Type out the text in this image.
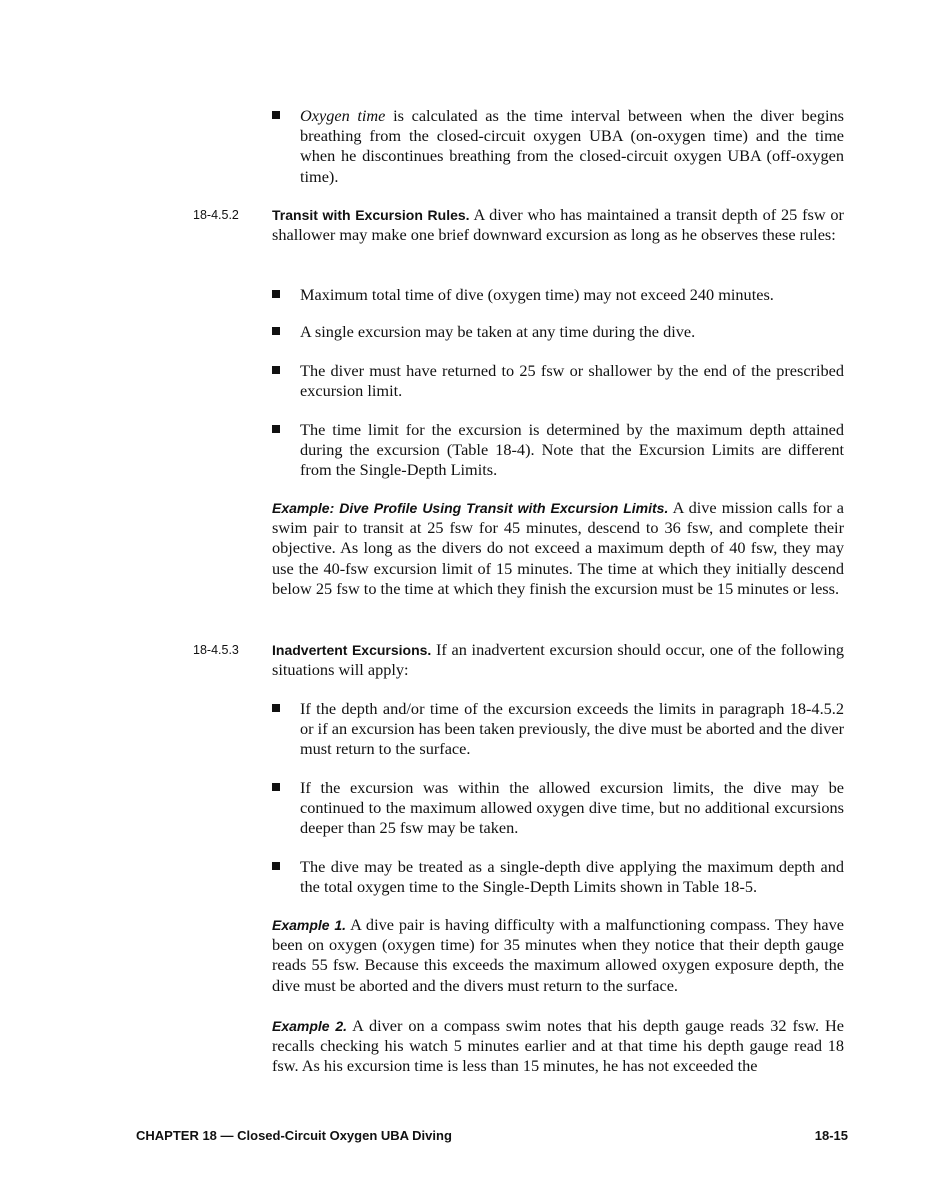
Oxygen time is calculated as the time interval between when the diver begins breathing from the closed-circuit oxygen UBA (on-oxygen time) and the time when he discontinues breathing from the closed-circuit oxygen UBA (off-oxygen time).
18-4.5.2 Transit with Excursion Rules. A diver who has maintained a transit depth of 25 fsw or shallower may make one brief downward excursion as long as he observes these rules:
Maximum total time of dive (oxygen time) may not exceed 240 minutes.
A single excursion may be taken at any time during the dive.
The diver must have returned to 25 fsw or shallower by the end of the prescribed excursion limit.
The time limit for the excursion is determined by the maximum depth attained during the excursion (Table 18-4). Note that the Excursion Limits are different from the Single-Depth Limits.
Example: Dive Profile Using Transit with Excursion Limits. A dive mission calls for a swim pair to transit at 25 fsw for 45 minutes, descend to 36 fsw, and complete their objective. As long as the divers do not exceed a maximum depth of 40 fsw, they may use the 40-fsw excursion limit of 15 minutes. The time at which they initially descend below 25 fsw to the time at which they finish the excursion must be 15 minutes or less.
18-4.5.3 Inadvertent Excursions. If an inadvertent excursion should occur, one of the following situations will apply:
If the depth and/or time of the excursion exceeds the limits in paragraph 18-4.5.2 or if an excursion has been taken previously, the dive must be aborted and the diver must return to the surface.
If the excursion was within the allowed excursion limits, the dive may be continued to the maximum allowed oxygen dive time, but no additional excursions deeper than 25 fsw may be taken.
The dive may be treated as a single-depth dive applying the maximum depth and the total oxygen time to the Single-Depth Limits shown in Table 18-5.
Example 1. A dive pair is having difficulty with a malfunctioning compass. They have been on oxygen (oxygen time) for 35 minutes when they notice that their depth gauge reads 55 fsw. Because this exceeds the maximum allowed oxygen exposure depth, the dive must be aborted and the divers must return to the surface.
Example 2. A diver on a compass swim notes that his depth gauge reads 32 fsw. He recalls checking his watch 5 minutes earlier and at that time his depth gauge read 18 fsw. As his excursion time is less than 15 minutes, he has not exceeded the
CHAPTER 18 — Closed-Circuit Oxygen UBA Diving	18-15
